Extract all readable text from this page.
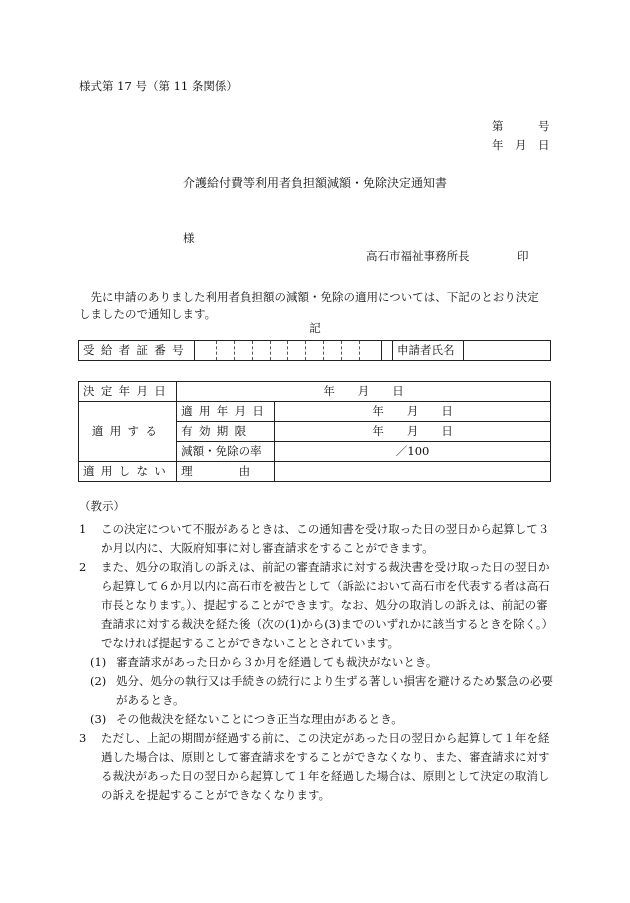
様式第 17 号（第 11 条関係）
第　　　号
年　月　日
介護給付費等利用者負担額減額・免除決定通知書
様
高石市福祉事務所長	印

　先に申請のありました利用者負担額の減額・免除の適用については、下記のとおり決定

しましたので通知します。

記
受給者証番号			申請者氏名	
決定年月日	年　　月　　日	
適用する	適用年月日	年　　月　　日
	有効期限	年　　月　　日
	減額・免除の率	／100
適用しない	理　　　　由	

（教示）

1	この決定について不服があるときは、この通知書を受け取った日の翌日から起算して３か月以内に、大阪府知事に対し審査請求をすることができます。
2	また、処分の取消しの訴えは、前記の審査請求に対する裁決書を受け取った日の翌日から起算して６か月以内に高石市を被告として（訴訟において高石市を代表する者は高石市長となります。）、提起することができます。なお、処分の取消しの訴えは、前記の審査請求に対する裁決を経た後（次の(1)から(3)までのいずれかに該当するときを除く。）でなければ提起することができないこととされています。
(1) 審査請求があった日から３か月を経過しても裁決がないとき。
(2) 処分、処分の執行又は手続きの続行により生ずる著しい損害を避けるため緊急の必要があるとき。
(3) その他裁決を経ないことにつき正当な理由があるとき。
3	ただし、上記の期間が経過する前に、この決定があった日の翌日から起算して１年を経過した場合は、原則として審査請求をすることができなくなり、また、審査請求に対する裁決があった日の翌日から起算して１年を経過した場合は、原則として決定の取消しの訴えを提起することができなくなります。
